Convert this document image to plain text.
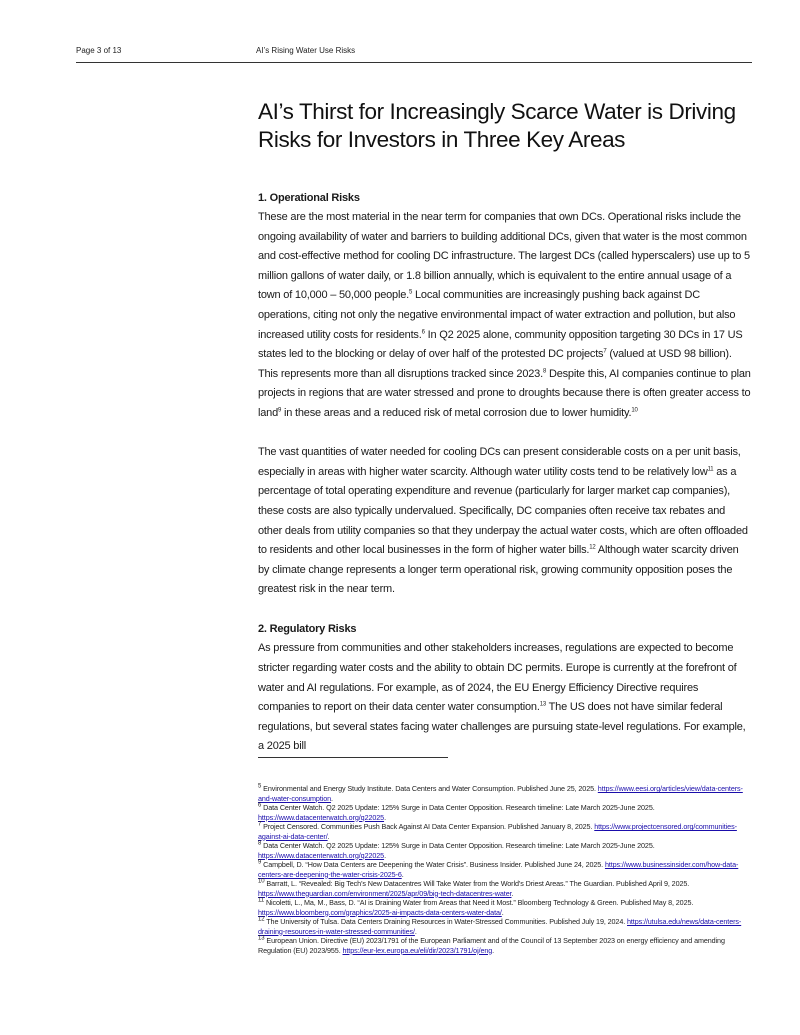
Page 3 of 13	AI’s Rising Water Use Risks
AI’s Thirst for Increasingly Scarce Water is Driving Risks for Investors in Three Key Areas
1. Operational Risks

These are the most material in the near term for companies that own DCs. Operational risks include the ongoing availability of water and barriers to building additional DCs, given that water is the most common and cost-effective method for cooling DC infrastructure. The largest DCs (called hyperscalers) use up to 5 million gallons of water daily, or 1.8 billion annually, which is equivalent to the entire annual usage of a town of 10,000 – 50,000 people.$^5$ Local communities are increasingly pushing back against DC operations, citing not only the negative environmental impact of water extraction and pollution, but also increased utility costs for residents.$^6$ In Q2 2025 alone, community opposition targeting 30 DCs in 17 US states led to the blocking or delay of over half of the protested DC projects$^7$ (valued at USD 98 billion). This represents more than all disruptions tracked since 2023.$^8$ Despite this, AI companies continue to plan projects in regions that are water stressed and prone to droughts because there is often greater access to land$^9$ in these areas and a reduced risk of metal corrosion due to lower humidity.$^{10}$

The vast quantities of water needed for cooling DCs can present considerable costs on a per unit basis, especially in areas with higher water scarcity. Although water utility costs tend to be relatively low$^{11}$ as a percentage of total operating expenditure and revenue (particularly for larger market cap companies), these costs are also typically undervalued. Specifically, DC companies often receive tax rebates and other deals from utility companies so that they underpay the actual water costs, which are often offloaded to residents and other local businesses in the form of higher water bills.$^{12}$ Although water scarcity driven by climate change represents a longer term operational risk, growing community opposition poses the greatest risk in the near term.

2. Regulatory Risks

As pressure from communities and other stakeholders increases, regulations are expected to become stricter regarding water costs and the ability to obtain DC permits. Europe is currently at the forefront of water and AI regulations. For example, as of 2024, the EU Energy Efficiency Directive requires companies to report on their data center water consumption.$^{13}$ The US does not have similar federal regulations, but several states facing water challenges are pursuing state-level regulations. For example, a 2025 bill

$^5$ Environmental and Energy Study Institute. Data Centers and Water Consumption. Published June 25, 2025. https://www.eesi.org/articles/view/data-centers-and-water-consumption.

$^6$ Data Center Watch. Q2 2025 Update: 125% Surge in Data Center Opposition. Research timeline: Late March 2025-June 2025. https://www.datacenterwatch.org/q22025.

$^7$ Project Censored. Communities Push Back Against AI Data Center Expansion. Published January 8, 2025. https://www.projectcensored.org/communities-against-ai-data-center/.

$^8$ Data Center Watch. Q2 2025 Update: 125% Surge in Data Center Opposition. Research timeline: Late March 2025-June 2025. https://www.datacenterwatch.org/q22025.

$^9$ Campbell, D. “How Data Centers are Deepening the Water Crisis”. Business Insider. Published June 24, 2025. https://www.businessinsider.com/how-data-centers-are-deepening-the-water-crisis-2025-6.

$^{10}$ Barratt, L. “Revealed: Big Tech’s New Datacentres Will Take Water from the World’s Driest Areas.” The Guardian. Published April 9, 2025. https://www.theguardian.com/environment/2025/apr/09/big-tech-datacentres-water.

$^{11}$ Nicoletti, L., Ma, M., Bass, D. “AI is Draining Water from Areas that Need it Most.” Bloomberg Technology & Green. Published May 8, 2025. https://www.bloomberg.com/graphics/2025-ai-impacts-data-centers-water-data/.

$^{12}$ The University of Tulsa. Data Centers Draining Resources in Water-Stressed Communities. Published July 19, 2024. https://utulsa.edu/news/data-centers-draining-resources-in-water-stressed-communities/.

$^{13}$ European Union. Directive (EU) 2023/1791 of the European Parliament and of the Council of 13 September 2023 on energy efficiency and amending Regulation (EU) 2023/955. https://eur-lex.europa.eu/eli/dir/2023/1791/oj/eng.
